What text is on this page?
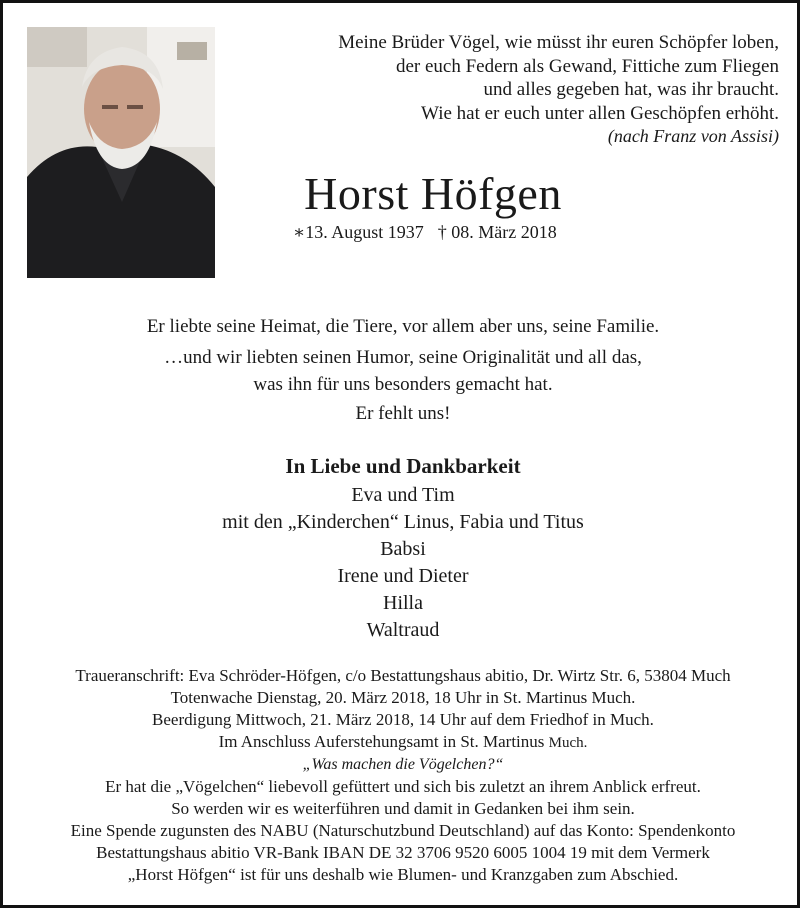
Meine Brüder Vögel, wie müsst ihr euren Schöpfer loben,
der euch Federn als Gewand, Fittiche zum Fliegen
und alles gegeben hat, was ihr braucht.
Wie hat er euch unter allen Geschöpfen erhöht.
(nach Franz von Assisi)
Horst Höfgen
∗13. August 1937 † 08. März 2018
Er liebte seine Heimat, die Tiere, vor allem aber uns, seine Familie.
…und wir liebten seinen Humor, seine Originalität und all das,
was ihn für uns besonders gemacht hat.
Er fehlt uns!
In Liebe und Dankbarkeit
Eva und Tim
mit den „Kinderchen“ Linus, Fabia und Titus
Babsi
Irene und Dieter
Hilla
Waltraud
Traueranschrift: Eva Schröder-Höfgen, c/o Bestattungshaus abitio, Dr. Wirtz Str. 6, 53804 Much
Totenwache Dienstag, 20. März 2018, 18 Uhr in St. Martinus Much.
Beerdigung Mittwoch, 21. März 2018, 14 Uhr auf dem Friedhof in Much.
Im Anschluss Auferstehungsamt in St. Martinus Much.
„Was machen die Vögelchen?“
Er hat die „Vögelchen“ liebevoll gefüttert und sich bis zuletzt an ihrem Anblick erfreut.
So werden wir es weiterführen und damit in Gedanken bei ihm sein.
Eine Spende zugunsten des NABU (Naturschutzbund Deutschland) auf das Konto: Spendenkonto
Bestattungshaus abitio VR-Bank IBAN DE 32 3706 9520 6005 1004 19 mit dem Vermerk
„Horst Höfgen“ ist für uns deshalb wie Blumen- und Kranzgaben zum Abschied.
